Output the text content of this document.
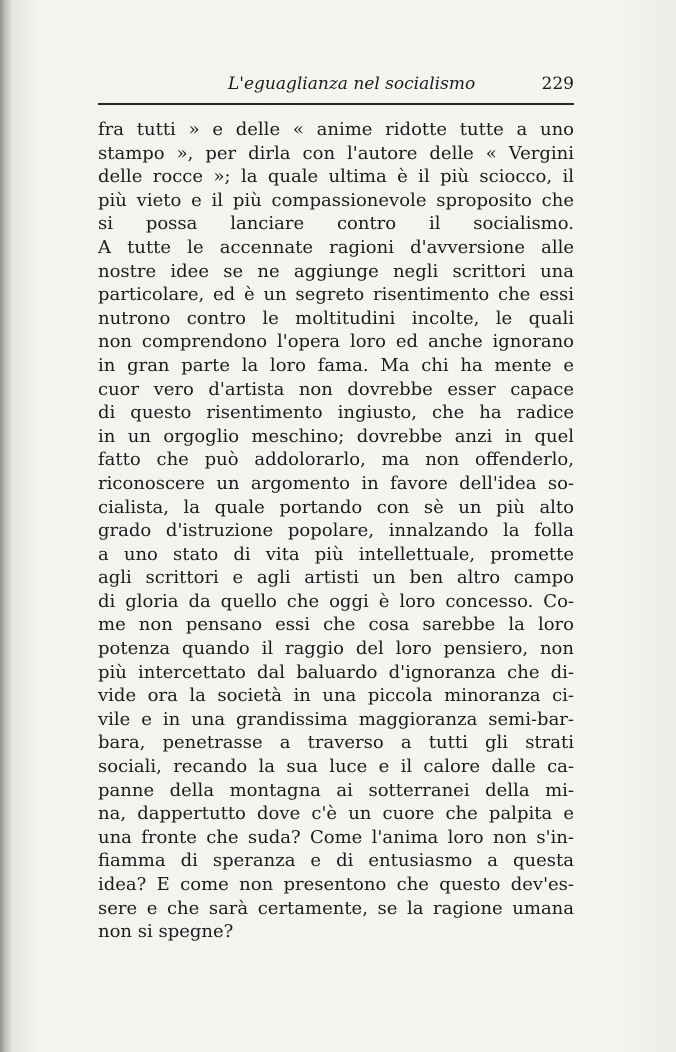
L'eguaglianza nel socialismo	229
fra tutti » e delle « anime ridotte tutte a uno
stampo », per dirla con l'autore delle « Vergini
delle rocce »; la quale ultima è il più sciocco, il
più vieto e il più compassionevole sproposito che
si possa lanciare contro il socialismo.
A tutte le accennate ragioni d'avversione alle
nostre idee se ne aggiunge negli scrittori una
particolare, ed è un segreto risentimento che essi
nutrono contro le moltitudini incolte, le quali
non comprendono l'opera loro ed anche ignorano
in gran parte la loro fama. Ma chi ha mente e
cuor vero d'artista non dovrebbe esser capace
di questo risentimento ingiusto, che ha radice
in un orgoglio meschino; dovrebbe anzi in quel
fatto che può addolorarlo, ma non offenderlo,
riconoscere un argomento in favore dell'idea so-
cialista, la quale portando con sè un più alto
grado d'istruzione popolare, innalzando la folla
a uno stato di vita più intellettuale, promette
agli scrittori e agli artisti un ben altro campo
di gloria da quello che oggi è loro concesso. Co-
me non pensano essi che cosa sarebbe la loro
potenza quando il raggio del loro pensiero, non
più intercettato dal baluardo d'ignoranza che di-
vide ora la società in una piccola minoranza ci-
vile e in una grandissima maggioranza semi-bar-
bara, penetrasse a traverso a tutti gli strati
sociali, recando la sua luce e il calore dalle ca-
panne della montagna ai sotterranei della mi-
na, dappertutto dove c'è un cuore che palpita e
una fronte che suda? Come l'anima loro non s'in-
fiamma di speranza e di entusiasmo a questa
idea? E come non presentono che questo dev'es-
sere e che sarà certamente, se la ragione umana
non si spegne?
